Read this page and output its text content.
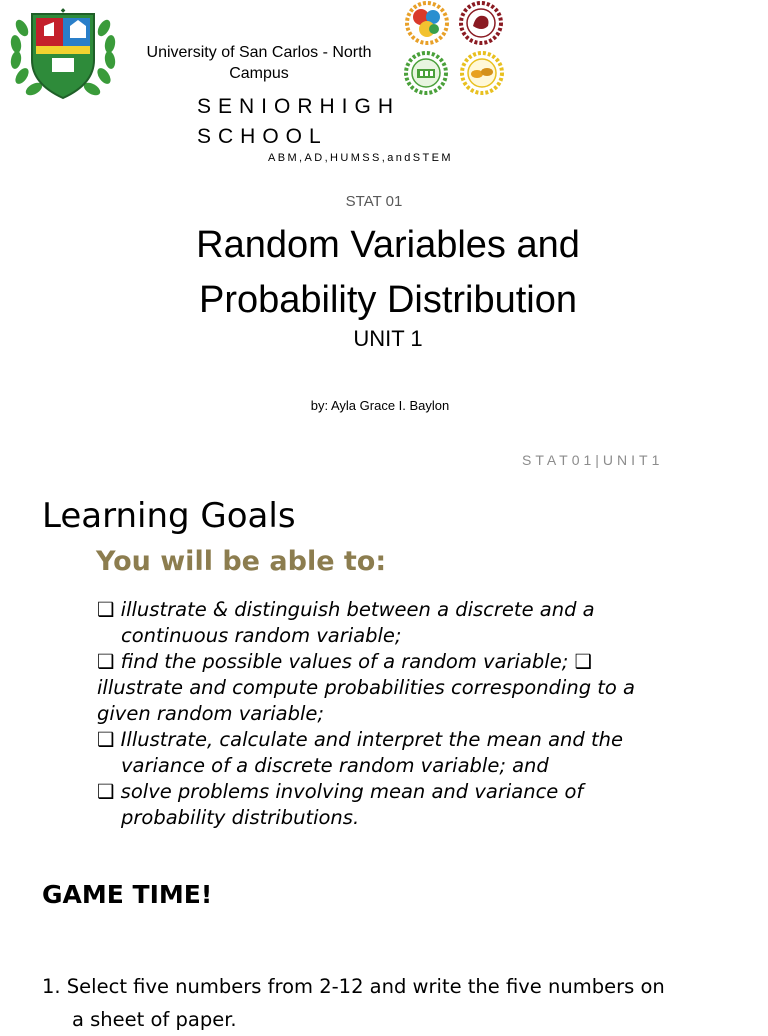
◆
University of San Carlos - North
Campus
SENIORHIGH
SCHOOL
ABM,AD,HUMSS,andSTEM
STAT 01
Random Variables and
Probability Distribution
UNIT 1
by: Ayla Grace I. Baylon
STAT01|UNIT1
Learning Goals
You will be able to:
❑ illustrate & distinguish between a discrete and a
continuous random variable;
❑ find the possible values of a random variable; ❑
illustrate and compute probabilities corresponding to a
given random variable;
❑ Illustrate, calculate and interpret the mean and the
variance of a discrete random variable; and
❑ solve problems involving mean and variance of
probability distributions.
GAME TIME!
1. Select five numbers from 2-12 and write the five numbers on
a sheet of paper.
